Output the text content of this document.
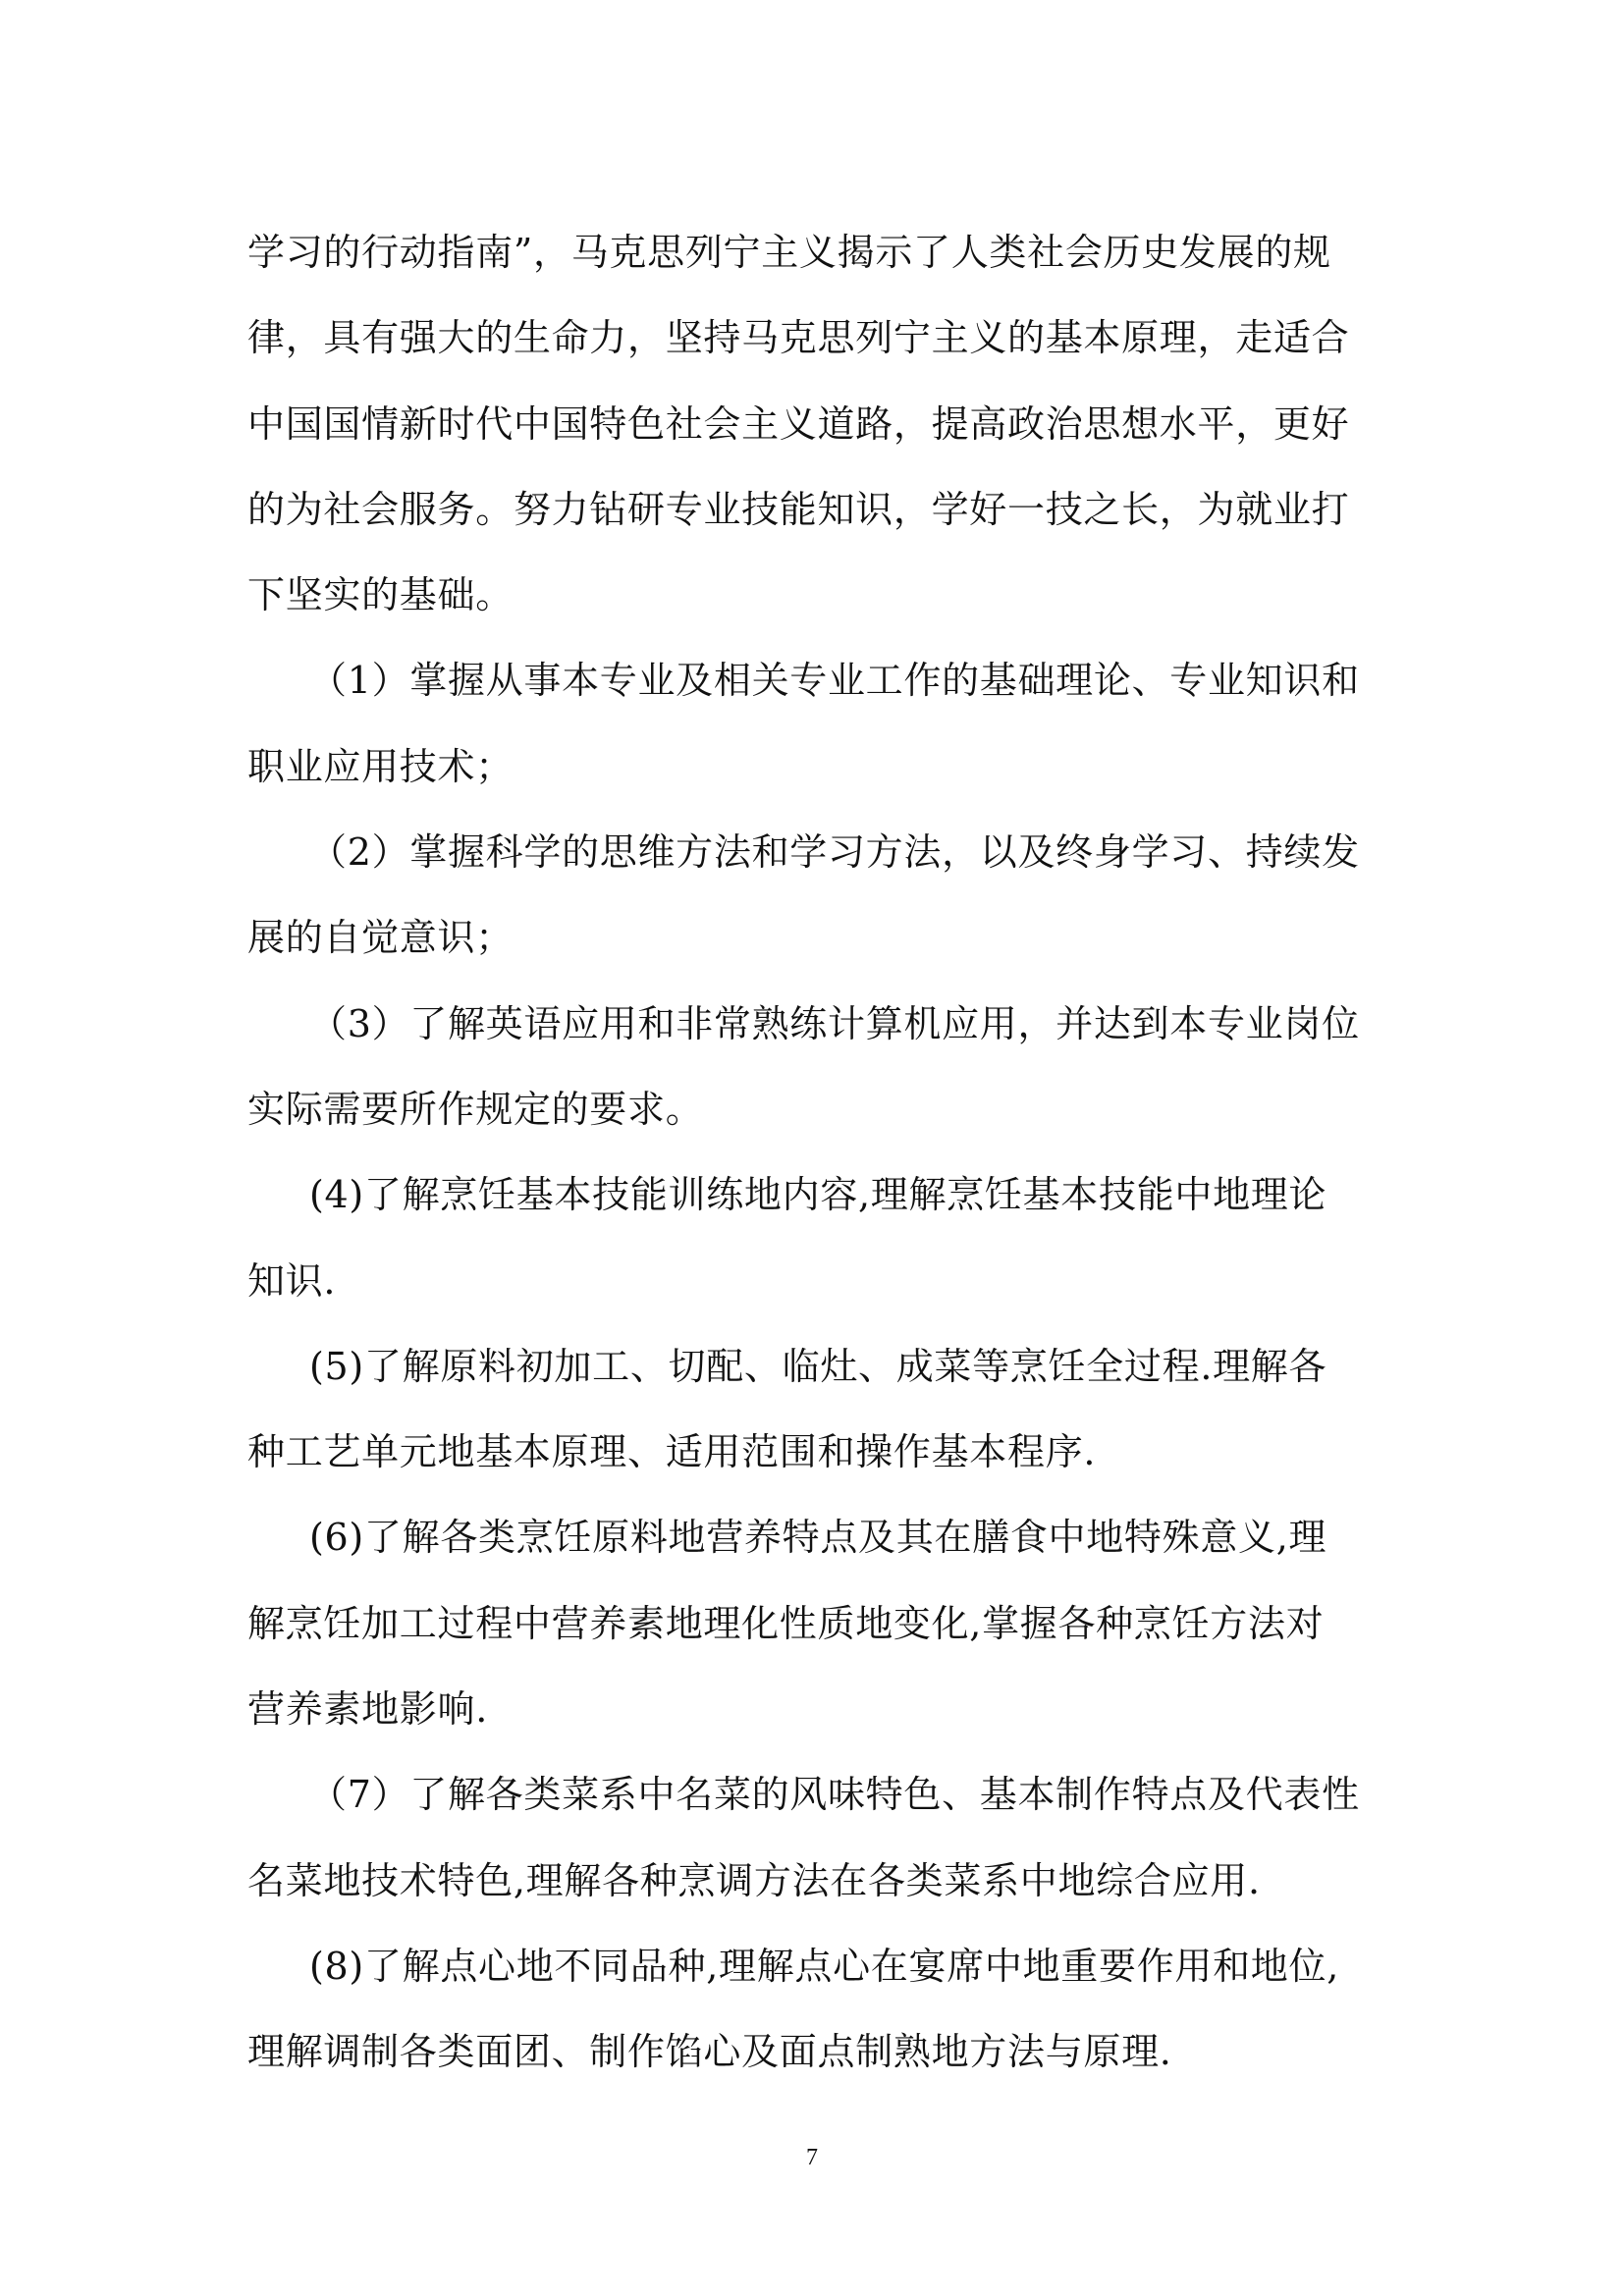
学习的行动指南”，马克思列宁主义揭示了人类社会历史发展的规
律，具有强大的生命力，坚持马克思列宁主义的基本原理，走适合
中国国情新时代中国特色社会主义道路，提高政治思想水平，更好
的为社会服务。努力钻研专业技能知识，学好一技之长，为就业打
下坚实的基础。
（1）掌握从事本专业及相关专业工作的基础理论、专业知识和
职业应用技术；
（2）掌握科学的思维方法和学习方法，以及终身学习、持续发
展的自觉意识；
（3）了解英语应用和非常熟练计算机应用，并达到本专业岗位
实际需要所作规定的要求。
(4)了解烹饪基本技能训练地内容,理解烹饪基本技能中地理论
知识.
(5)了解原料初加工、切配、临灶、成菜等烹饪全过程.理解各
种工艺单元地基本原理、适用范围和操作基本程序.
(6)了解各类烹饪原料地营养特点及其在膳食中地特殊意义,理
解烹饪加工过程中营养素地理化性质地变化,掌握各种烹饪方法对
营养素地影响.
（7）了解各类菜系中名菜的风味特色、基本制作特点及代表性
名菜地技术特色,理解各种烹调方法在各类菜系中地综合应用.
(8)了解点心地不同品种,理解点心在宴席中地重要作用和地位,
理解调制各类面团、制作馅心及面点制熟地方法与原理.
7
